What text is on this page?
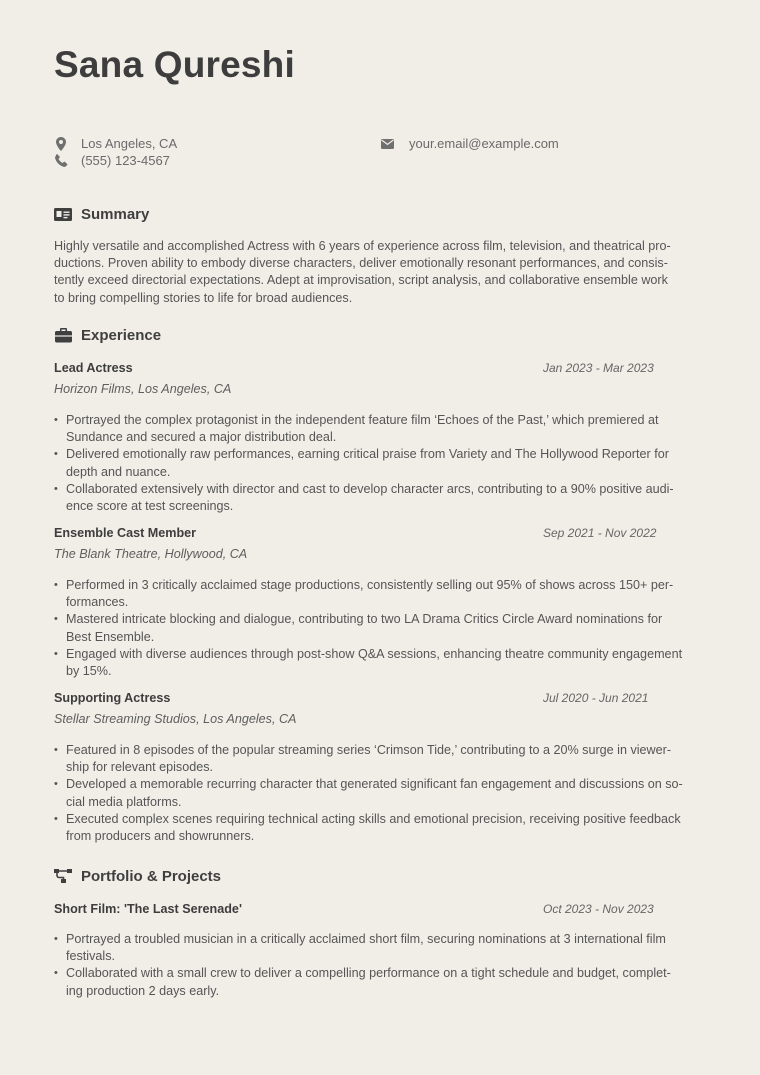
Sana Qureshi
Los Angeles, CA
(555) 123-4567
your.email@example.com
Summary
Highly versatile and accomplished Actress with 6 years of experience across film, television, and theatrical pro-
ductions. Proven ability to embody diverse characters, deliver emotionally resonant performances, and consis-
tently exceed directorial expectations. Adept at improvisation, script analysis, and collaborative ensemble work
to bring compelling stories to life for broad audiences.
Experience
Lead Actress	Jan 2023 - Mar 2023
Horizon Films, Los Angeles, CA
• Portrayed the complex protagonist in the independent feature film ‘Echoes of the Past,’ which premiered at
Sundance and secured a major distribution deal.
• Delivered emotionally raw performances, earning critical praise from Variety and The Hollywood Reporter for
depth and nuance.
• Collaborated extensively with director and cast to develop character arcs, contributing to a 90% positive audi-
ence score at test screenings.
Ensemble Cast Member	Sep 2021 - Nov 2022
The Blank Theatre, Hollywood, CA
• Performed in 3 critically acclaimed stage productions, consistently selling out 95% of shows across 150+ per-
formances.
• Mastered intricate blocking and dialogue, contributing to two LA Drama Critics Circle Award nominations for
Best Ensemble.
• Engaged with diverse audiences through post-show Q&A sessions, enhancing theatre community engagement
by 15%.
Supporting Actress	Jul 2020 - Jun 2021
Stellar Streaming Studios, Los Angeles, CA
• Featured in 8 episodes of the popular streaming series ‘Crimson Tide,’ contributing to a 20% surge in viewer-
ship for relevant episodes.
• Developed a memorable recurring character that generated significant fan engagement and discussions on so-
cial media platforms.
• Executed complex scenes requiring technical acting skills and emotional precision, receiving positive feedback
from producers and showrunners.
Portfolio & Projects
Short Film: 'The Last Serenade'	Oct 2023 - Nov 2023
• Portrayed a troubled musician in a critically acclaimed short film, securing nominations at 3 international film
festivals.
• Collaborated with a small crew to deliver a compelling performance on a tight schedule and budget, complet-
ing production 2 days early.
